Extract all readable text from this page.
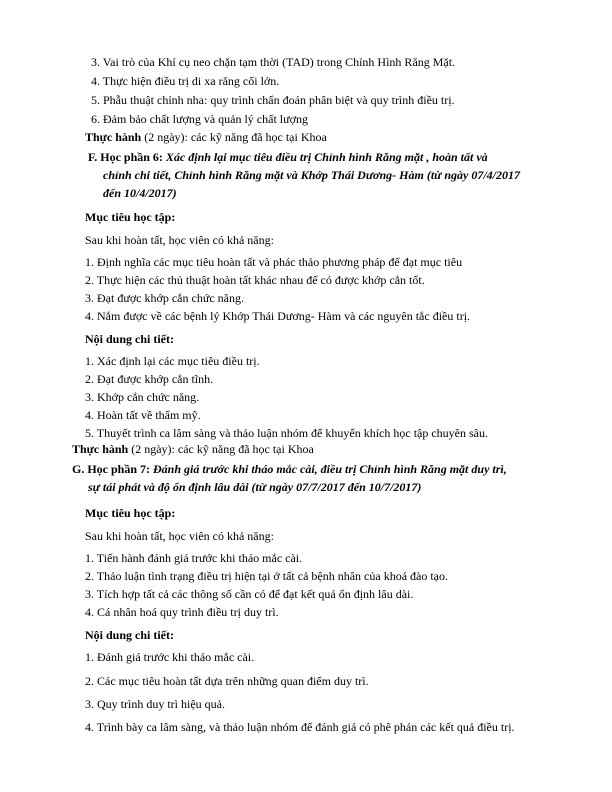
3. Vai trò của Khí cụ neo chặn tạm thời (TAD) trong Chỉnh Hình Răng Mặt.
4. Thực hiện điều trị di xa răng cối lớn.
5. Phẫu thuật chỉnh nha: quy trình chẩn đoán phân biệt và quy trình điều trị.
6. Đảm bảo chất lượng và quản lý chất lượng
Thực hành (2 ngày): các kỹ năng đã học tại Khoa
F. Học phần 6: Xác định lại mục tiêu điều trị Chỉnh hình Răng mặt , hoàn tất và
chỉnh chi tiết, Chỉnh hình Răng mặt và Khớp Thái Dương- Hàm (từ ngày 07/4/2017
đến 10/4/2017)
Mục tiêu học tập:
Sau khi hoàn tất, học viên có khả năng:
1. Định nghĩa các mục tiêu hoàn tất và phác thảo phương pháp để đạt mục tiêu
2. Thực hiện các thủ thuật hoàn tất khác nhau để có được khớp cắn tốt.
3. Đạt được khớp cắn chức năng.
4. Nắm được về các bệnh lý Khớp Thái Dương- Hàm và các nguyên tắc điều trị.
Nội dung chi tiết:
1. Xác định lại các mục tiêu điều trị.
2. Đạt được khớp cắn tĩnh.
3. Khớp cắn chức năng.
4. Hoàn tất về thẩm mỹ.
5. Thuyết trình ca lâm sàng và thảo luận nhóm để khuyến khích học tập chuyên sâu.
Thực hành (2 ngày): các kỹ năng đã học tại Khoa
G. Học phần 7: Đánh giá trước khi tháo mắc cài, điều trị Chỉnh hình Răng mặt duy trì,
sự tái phát và độ ổn định lâu dài (từ ngày 07/7/2017 đến 10/7/2017)
Mục tiêu học tập:
Sau khi hoàn tất, học viên có khả năng:
1. Tiến hành đánh giá trước khi tháo mắc cài.
2. Thảo luận tình trạng điều trị hiện tại ở tất cả bệnh nhân của khoá đào tạo.
3. Tích hợp tất cả các thông số cần có để đạt kết quả ổn định lâu dài.
4. Cá nhân hoá quy trình điều trị duy trì.
Nội dung chi tiết:
1. Đánh giá trước khi tháo mắc cài.
2. Các mục tiêu hoàn tất dựa trên những quan điểm duy trì.
3. Quy trình duy trì hiệu quả.
4. Trình bày ca lâm sàng, và thảo luận nhóm để đánh giá có phê phán các kết quả điều trị.
